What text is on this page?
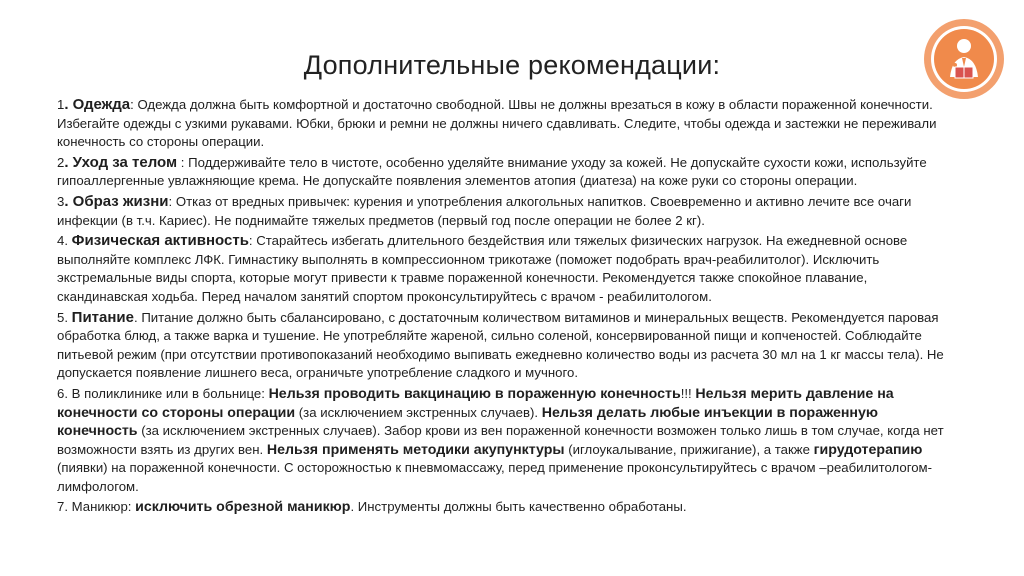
Дополнительные рекомендации:
1. Одежда: Одежда должна быть комфортной и достаточно свободной. Швы не должны врезаться в кожу в области пораженной конечности. Избегайте одежды с узкими рукавами. Юбки, брюки и ремни не должны ничего сдавливать. Следите, чтобы одежда и застежки не переживали конечность со стороны операции.
2. Уход за телом : Поддерживайте тело в чистоте, особенно уделяйте внимание уходу за кожей. Не допускайте сухости кожи, используйте гипоаллергенные увлажняющие крема. Не допускайте появления элементов атопия (диатеза) на коже руки со стороны операции.
3. Образ жизни: Отказ от вредных привычек: курения и употребления алкогольных напитков. Своевременно и активно лечите все очаги инфекции (в т.ч. Кариес). Не поднимайте тяжелых предметов (первый год после операции не более 2 кг).
4. Физическая активность: Старайтесь избегать длительного бездействия или тяжелых физических нагрузок. На ежедневной основе выполняйте комплекс ЛФК. Гимнастику выполнять в компрессионном трикотаже (поможет подобрать врач-реабилитолог). Исключить экстремальные виды спорта, которые могут привести к травме пораженной конечности. Рекомендуется также спокойное плавание, скандинавская ходьба. Перед началом занятий спортом проконсультируйтесь с врачом - реабилитологом.
5. Питание. Питание должно быть сбалансировано, с достаточным количеством витаминов и минеральных веществ. Рекомендуется паровая обработка блюд, а также варка и тушение. Не употребляйте жареной, сильно соленой, консервированной пищи и копченостей. Соблюдайте питьевой режим (при отсутствии противопоказаний необходимо выпивать ежедневно количество воды из расчета 30 мл на 1 кг массы тела). Не допускается появление лишнего веса, ограничьте употребление сладкого и мучного.
6. В поликлинике или в больнице: Нельзя проводить вакцинацию в пораженную конечность!!! Нельзя мерить давление на конечности со стороны операции (за исключением экстренных случаев). Нельзя делать любые инъекции в пораженную конечность (за исключением экстренных случаев). Забор крови из вен пораженной конечности возможен только лишь в том случае, когда нет возможности взять из других вен. Нельзя применять методики акупунктуры (иглоукалывание, прижигание), а также гирудотерапию (пиявки) на пораженной конечности. С осторожностью к пневмомассажу, перед применение проконсультируйтесь с врачом –реабилитологом- лимфологом.
7. Маникюр: исключить обрезной маникюр. Инструменты должны быть качественно обработаны.
